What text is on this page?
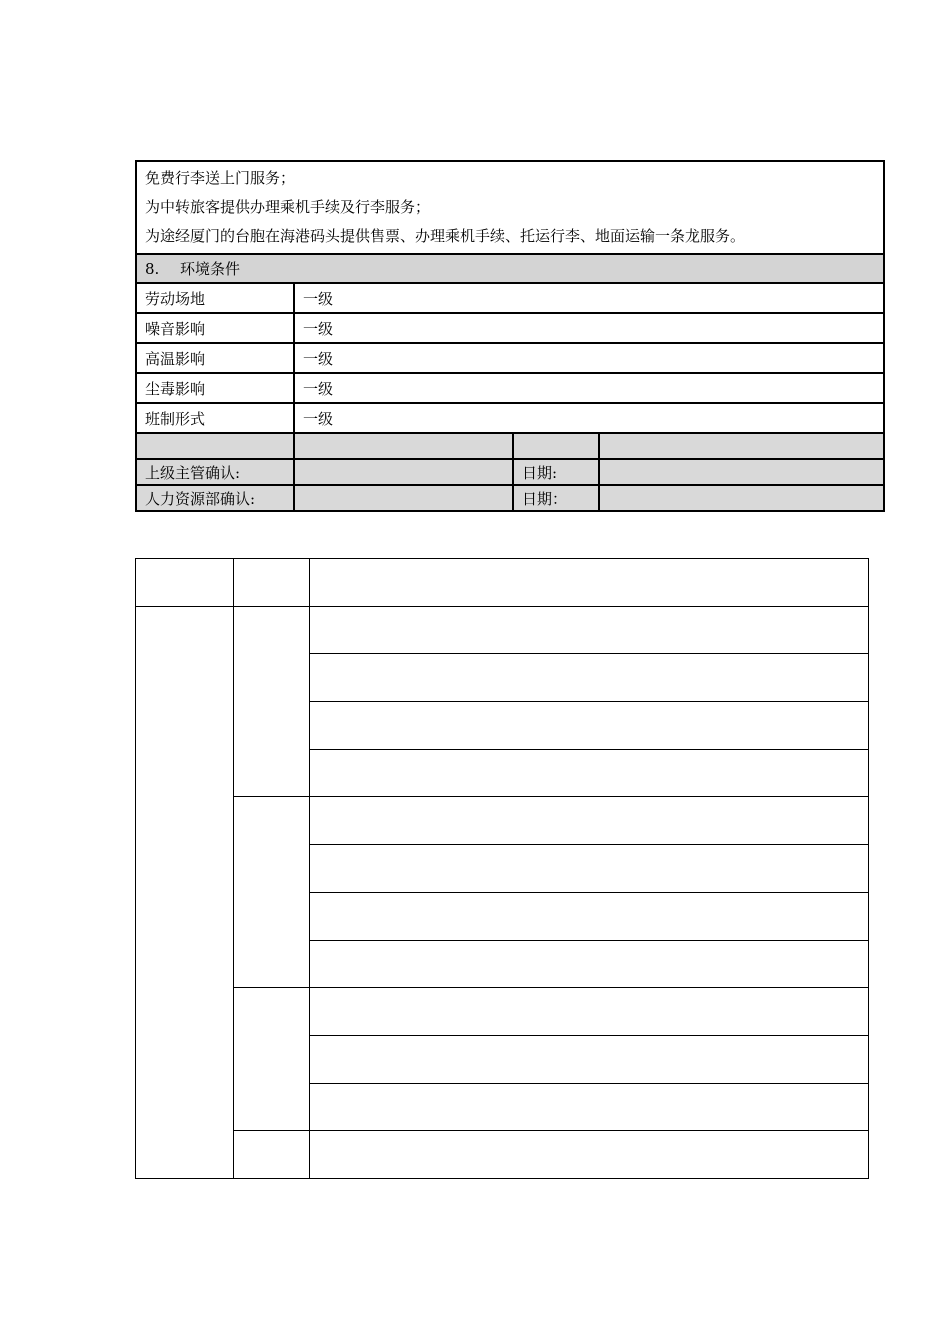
免费行李送上门服务；
为中转旅客提供办理乘机手续及行李服务；
为途经厦门的台胞在海港码头提供售票、办理乘机手续、托运行李、地面运输一条龙服务。			

8. 环境条件			
劳动场地	一级		
噪音影响	一级		
高温影响	一级		
尘毒影响	一级		
班制形式	一级		

上级主管确认:		日期:	
人力资源部确认:		日期：	
